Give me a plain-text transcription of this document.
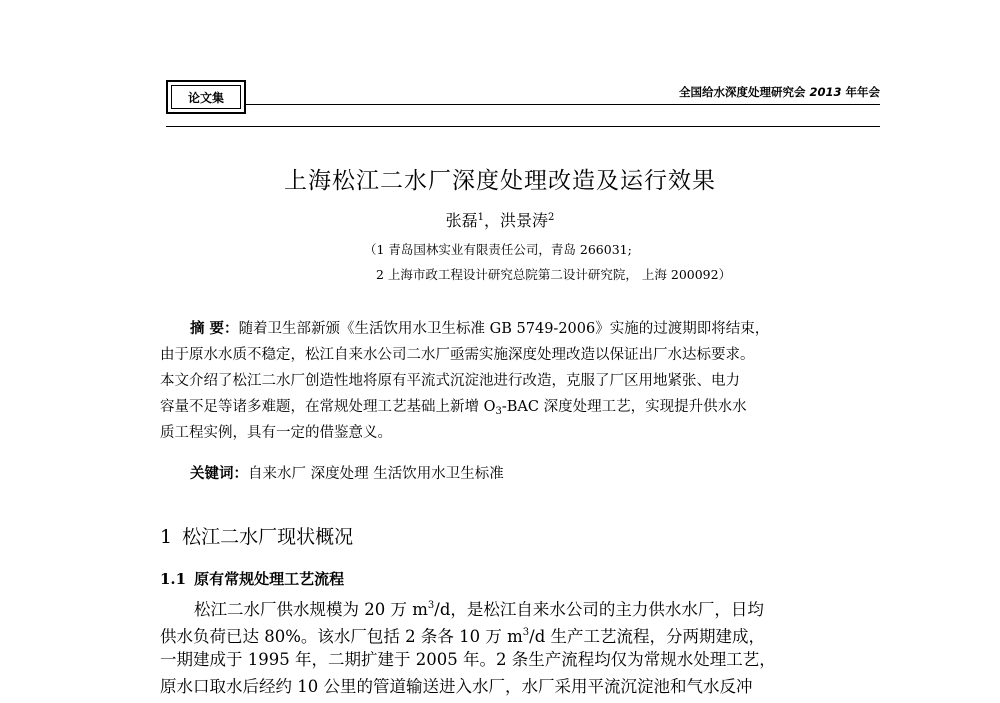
论文集	全国给水深度处理研究会 2013 年年会
上海松江二水厂深度处理改造及运行效果
张磊$^1$，洪景涛$^2$
（1 青岛国林实业有限责任公司，青岛 266031;
2 上海市政工程设计研究总院第二设计研究院， 上海 200092）
摘 要：随着卫生部新颁《生活饮用水卫生标准 GB 5749-2006》实施的过渡期即将结束，
由于原水水质不稳定，松江自来水公司二水厂亟需实施深度处理改造以保证出厂水达标要求。
本文介绍了松江二水厂创造性地将原有平流式沉淀池进行改造，克服了厂区用地紧张、电力
容量不足等诸多难题，在常规处理工艺基础上新增 $O_3$-BAC 深度处理工艺，实现提升供水水
质工程实例，具有一定的借鉴意义。
关键词：自来水厂 深度处理 生活饮用水卫生标准
1 松江二水厂现状概况
1.1 原有常规处理工艺流程
松江二水厂供水规模为 20 万 $m^3/d$，是松江自来水公司的主力供水水厂，日均
供水负荷已达 80%。该水厂包括 2 条各 10 万 $m^3/d$ 生产工艺流程，分两期建成，
一期建成于 1995 年，二期扩建于 2005 年。2 条生产流程均仅为常规水处理工艺，
原水口取水后经约 10 公里的管道输送进入水厂，水厂采用平流沉淀池和气水反冲
